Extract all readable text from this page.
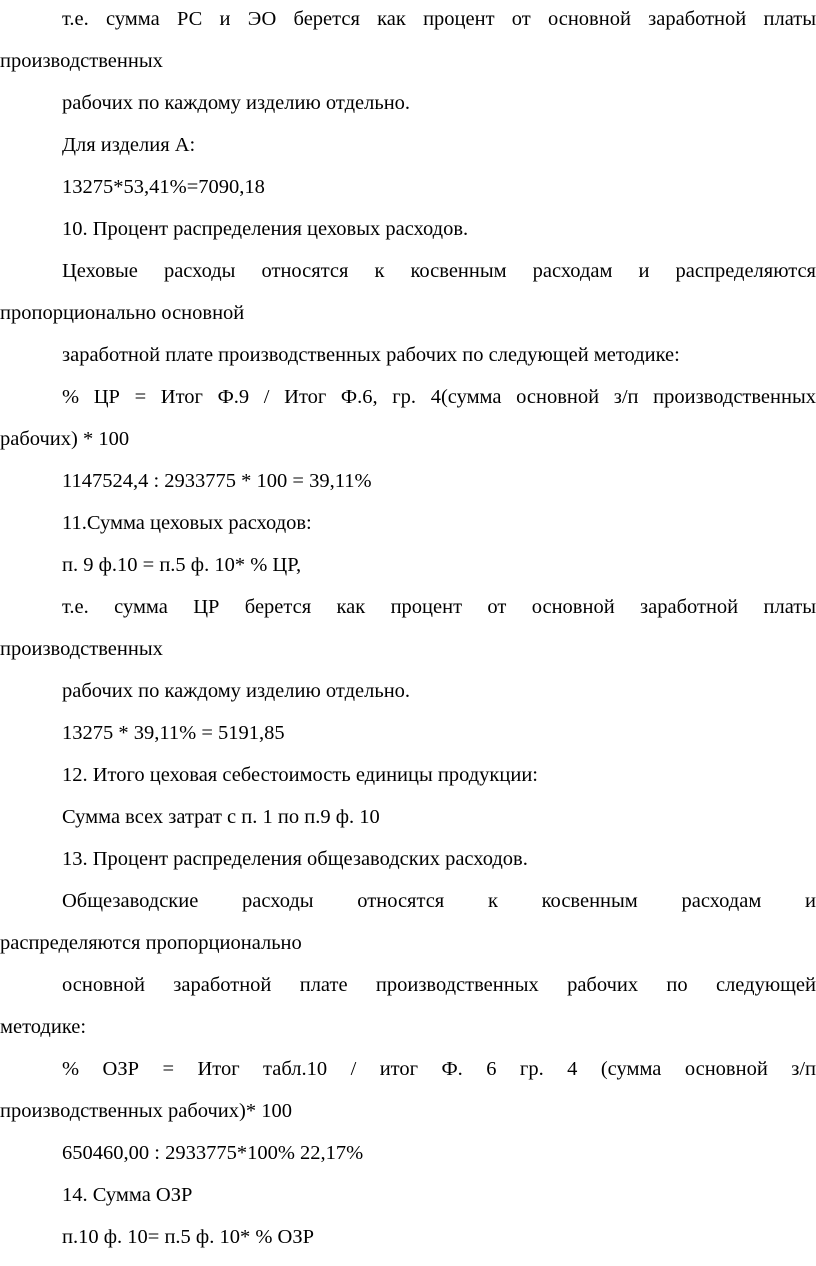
т.е. сумма РС и ЭО берется как процент от основной заработной платы

производственных

рабочих по каждому изделию отдельно.

Для изделия А:

13275*53,41%=7090,18

10. Процент распределения цеховых расходов.

Цеховые расходы относятся к косвенным расходам и распределяются

пропорционально основной

заработной плате производственных рабочих по следующей методике:

% ЦР = Итог Ф.9 / Итог Ф.6, гр. 4(сумма основной з/п производственных

рабочих) * 100

1147524,4 : 2933775 * 100 = 39,11%

11.Сумма цеховых расходов:

п. 9 ф.10 = п.5 ф. 10* % ЦР,

т.е. сумма ЦР берется как процент от основной заработной платы

производственных

рабочих по каждому изделию отдельно.

13275 * 39,11% = 5191,85

12. Итого цеховая себестоимость единицы продукции:

Сумма всех затрат с п. 1 по п.9 ф. 10

13. Процент распределения общезаводских расходов.

Общезаводские расходы относятся к косвенным расходам и

распределяются пропорционально

основной заработной плате производственных рабочих по следующей

методике:

% ОЗР = Итог табл.10 / итог Ф. 6 гр. 4 (сумма основной з/п

производственных рабочих)* 100

650460,00 : 2933775*100% 22,17%

14. Сумма ОЗР

п.10 ф. 10= п.5 ф. 10* % ОЗР
